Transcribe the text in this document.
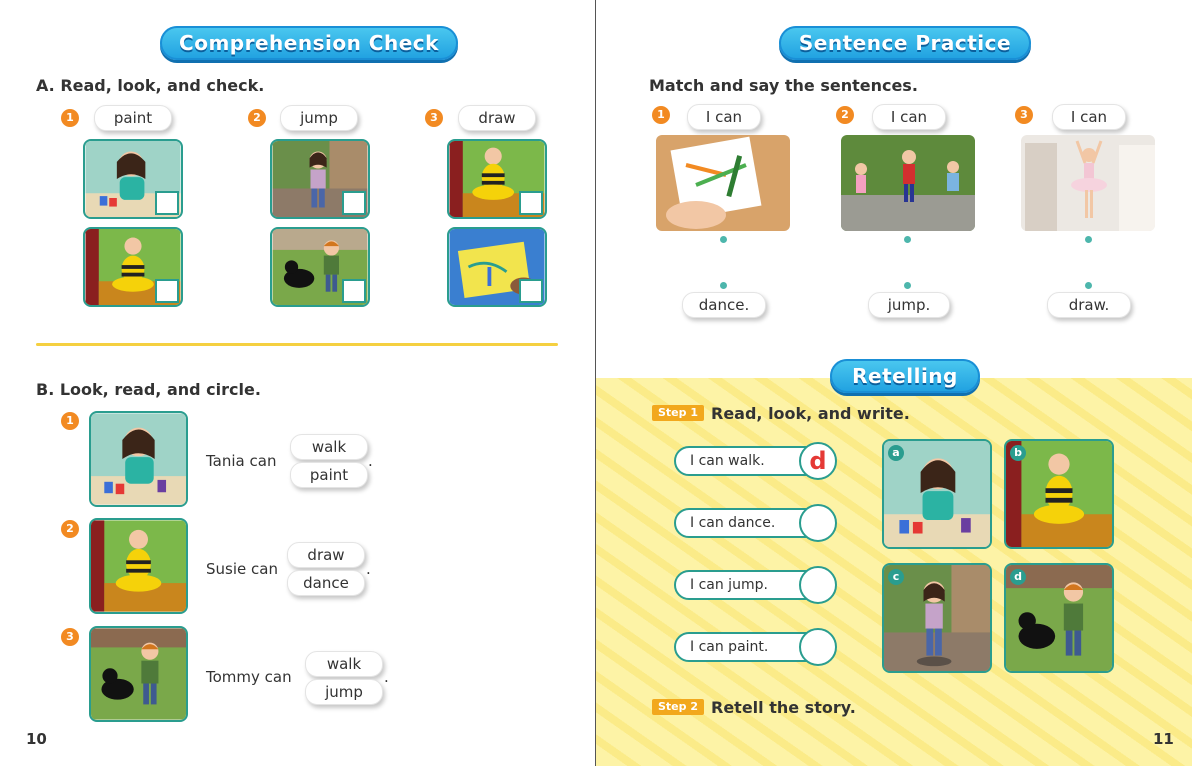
Comprehension Check
A. Read, look, and check.
1	paint	2	jump	3	draw
B. Look, read, and circle.
1
Tania can
walk
paint
.
2
Susie can
draw
dance
.
3
Tommy can
walk
jump
.
10
Sentence Practice
Match and say the sentences.
1	I can	2	I can	3	I can
dance.	jump.	draw.
Retelling
Step 1 Read, look, and write.
I can walk.	d
I can dance.
I can jump.
I can paint.
a	b
c	d
Step 2 Retell the story.
11
